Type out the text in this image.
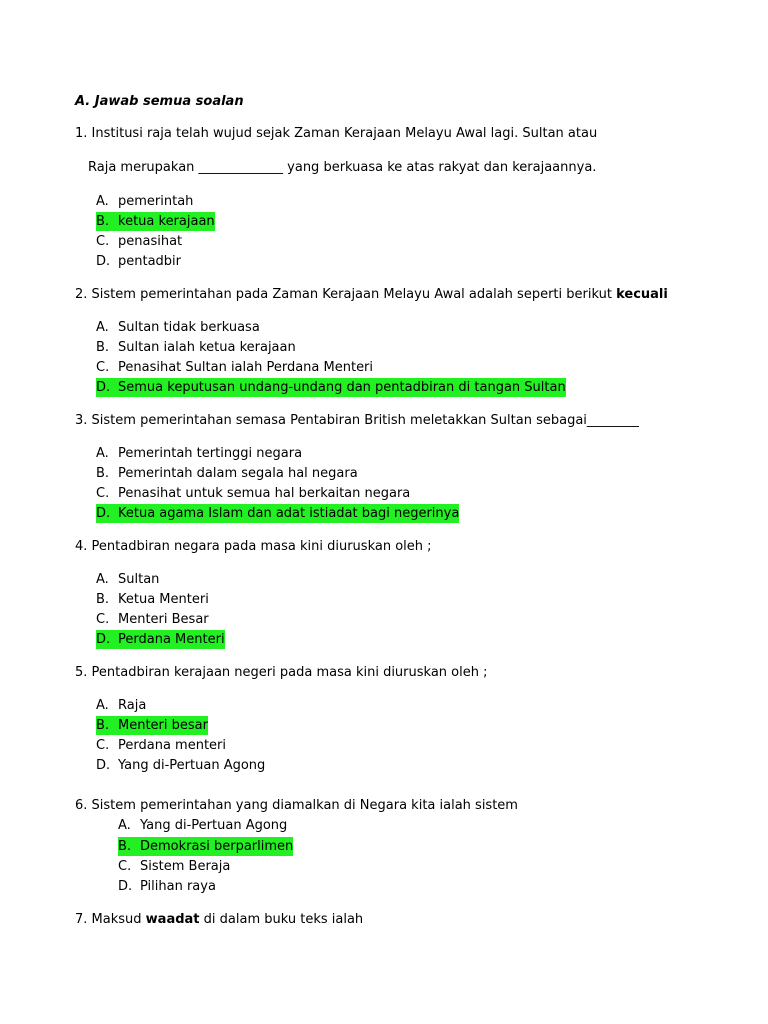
A. Jawab semua soalan
1. Institusi raja telah wujud sejak Zaman Kerajaan Melayu Awal lagi. Sultan atau
Raja merupakan _____________ yang berkuasa ke atas rakyat dan kerajaannya.
A. pemerintah
B. ketua kerajaan
C. penasihat
D. pentadbir
2. Sistem pemerintahan pada Zaman Kerajaan Melayu Awal adalah seperti berikut kecuali
A. Sultan tidak berkuasa
B. Sultan ialah ketua kerajaan
C. Penasihat Sultan ialah Perdana Menteri
D. Semua keputusan undang-undang dan pentadbiran di tangan Sultan
3. Sistem pemerintahan semasa Pentabiran British meletakkan Sultan sebagai________
A. Pemerintah tertinggi negara
B. Pemerintah dalam segala hal negara
C. Penasihat untuk semua hal berkaitan negara
D. Ketua agama Islam dan adat istiadat bagi negerinya
4. Pentadbiran negara pada masa kini diuruskan oleh ;
A. Sultan
B. Ketua Menteri
C. Menteri Besar
D. Perdana Menteri
5. Pentadbiran kerajaan negeri pada masa kini diuruskan oleh ;
A. Raja
B. Menteri besar
C. Perdana menteri
D. Yang di-Pertuan Agong
6. Sistem pemerintahan yang diamalkan di Negara kita ialah sistem
A. Yang di-Pertuan Agong
B. Demokrasi berparlimen
C. Sistem Beraja
D. Pilihan raya
7. Maksud waadat di dalam buku teks ialah
